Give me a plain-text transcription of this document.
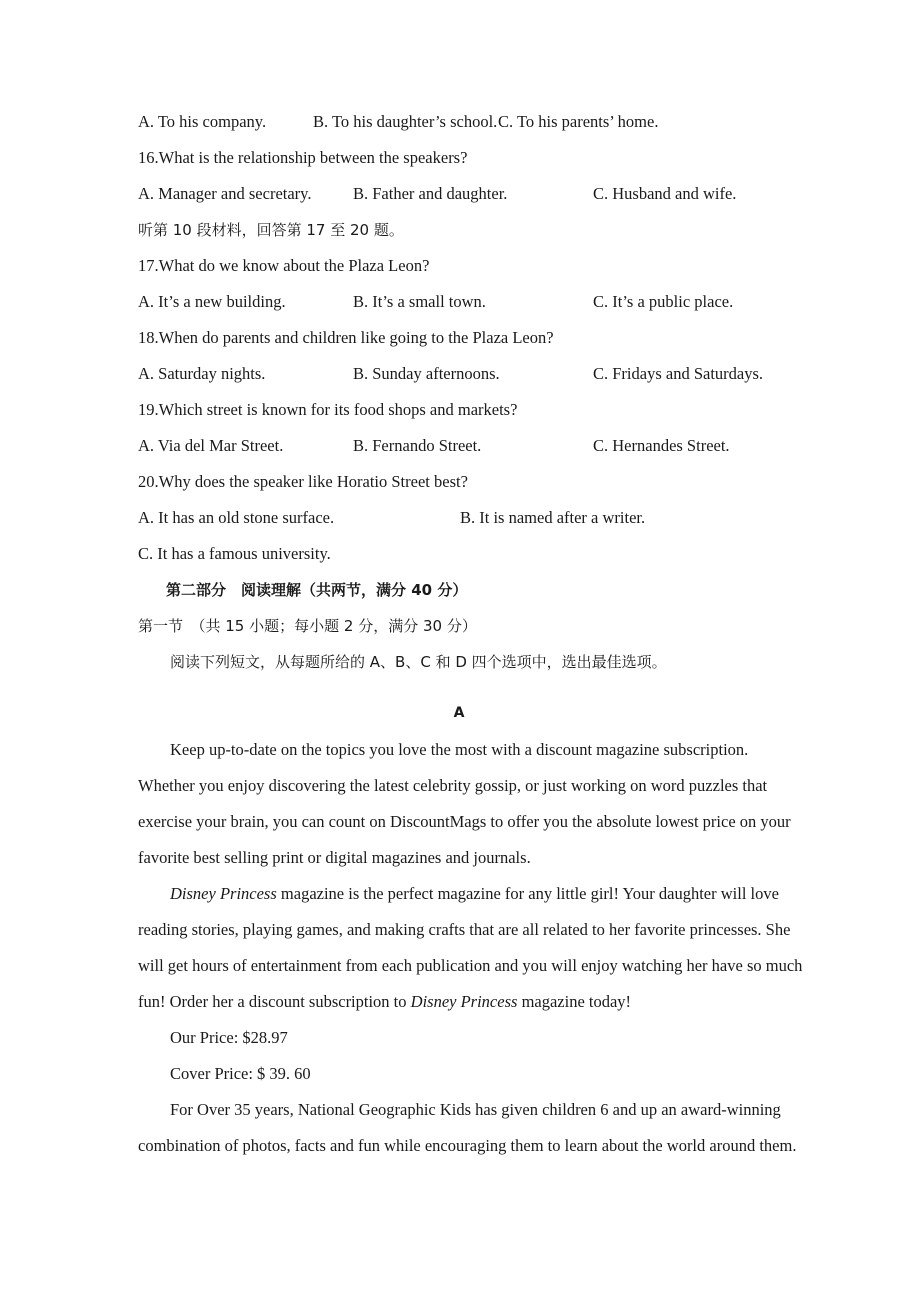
A. To his company.	B. To his daughter’s school. C. To his parents’ home.
16.What is the relationship between the speakers?
A. Manager and secretary.	B. Father and daughter.	C. Husband and wife.
听第 10 段材料，回答第 17 至 20 题。
17.What do we know about the Plaza Leon?
A. It’s a new building.	B. It’s a small town.	C. It’s a public place.
18.When do parents and children like going to the Plaza Leon?
A. Saturday nights.	B. Sunday afternoons.	C. Fridays and Saturdays.
19.Which street is known for its food shops and markets?
A. Via del Mar Street.	B. Fernando Street.	C. Hernandes Street.
20.Why does the speaker like Horatio Street best?
A. It has an old stone surface.	B. It is named after a writer.
C. It has a famous university.
第二部分　阅读理解（共两节，满分 40 分）
第一节　（共 15 小题；每小题 2 分，满分 30 分）
阅读下列短文，从每题所给的 A、B、C 和 D 四个选项中，选出最佳选项。
A
Keep up-to-date on the topics you love the most with a discount magazine subscription.
Whether you enjoy discovering the latest celebrity gossip, or just working on word puzzles that
exercise your brain, you can count on DiscountMags to offer you the absolute lowest price on your
favorite best selling print or digital magazines and journals.
Disney Princess magazine is the perfect magazine for any little girl! Your daughter will love
reading stories, playing games, and making crafts that are all related to her favorite princesses. She
will get hours of entertainment from each publication and you will enjoy watching her have so much
fun! Order her a discount subscription to Disney Princess magazine today!
Our Price: $28.97
Cover Price: $ 39. 60
For Over 35 years, National Geographic Kids has given children 6 and up an award-winning
combination of photos, facts and fun while encouraging them to learn about the world around them.
